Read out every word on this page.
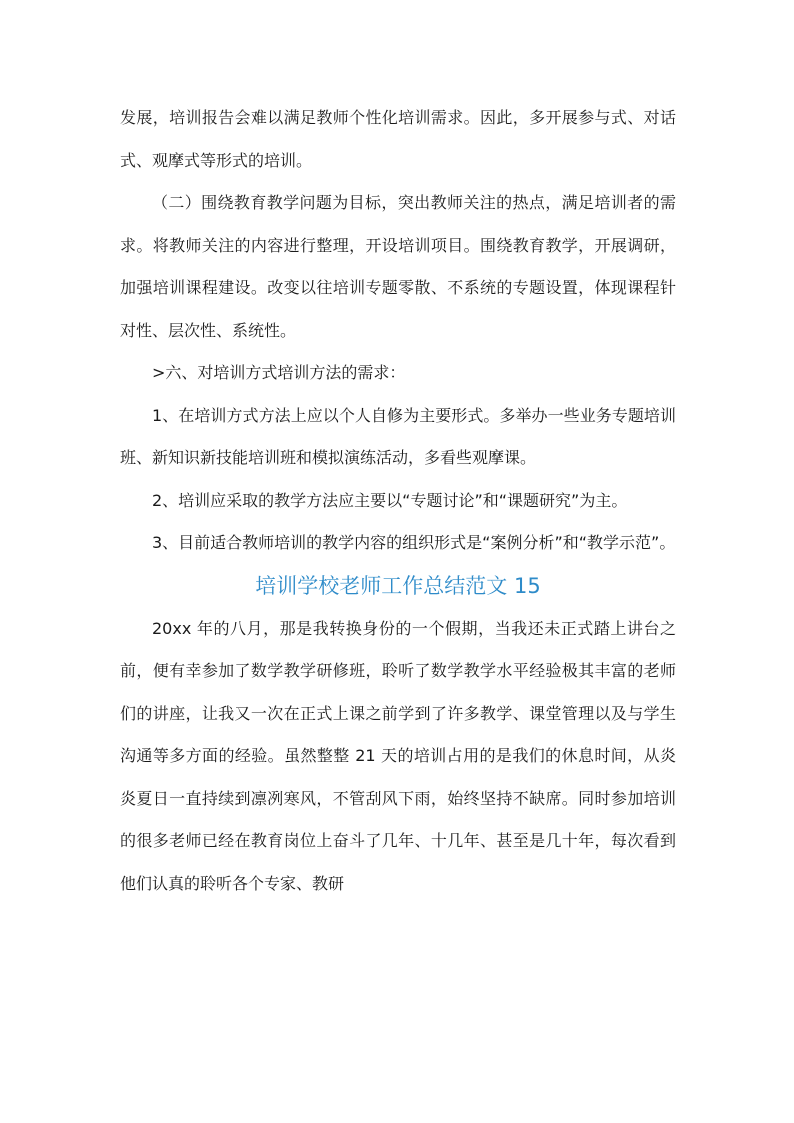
发展，培训报告会难以满足教师个性化培训需求。因此，多开展参与式、对话式、观摩式等形式的培训。

（二）围绕教育教学问题为目标，突出教师关注的热点，满足培训者的需求。将教师关注的内容进行整理，开设培训项目。围绕教育教学，开展调研，加强培训课程建设。改变以往培训专题零散、不系统的专题设置，体现课程针对性、层次性、系统性。

>六、对培训方式培训方法的需求：

1、在培训方式方法上应以个人自修为主要形式。多举办一些业务专题培训班、新知识新技能培训班和模拟演练活动，多看些观摩课。

2、培训应采取的教学方法应主要以“专题讨论”和“课题研究”为主。

3、目前适合教师培训的教学内容的组织形式是“案例分析”和“教学示范”。

培训学校老师工作总结范文 15

20xx 年的八月，那是我转换身份的一个假期，当我还未正式踏上讲台之前，便有幸参加了数学教学研修班，聆听了数学教学水平经验极其丰富的老师们的讲座，让我又一次在正式上课之前学到了许多教学、课堂管理以及与学生沟通等多方面的经验。虽然整整 21 天的培训占用的是我们的休息时间，从炎炎夏日一直持续到凛冽寒风，不管刮风下雨，始终坚持不缺席。同时参加培训的很多老师已经在教育岗位上奋斗了几年、十几年、甚至是几十年，每次看到他们认真的聆听各个专家、教研
